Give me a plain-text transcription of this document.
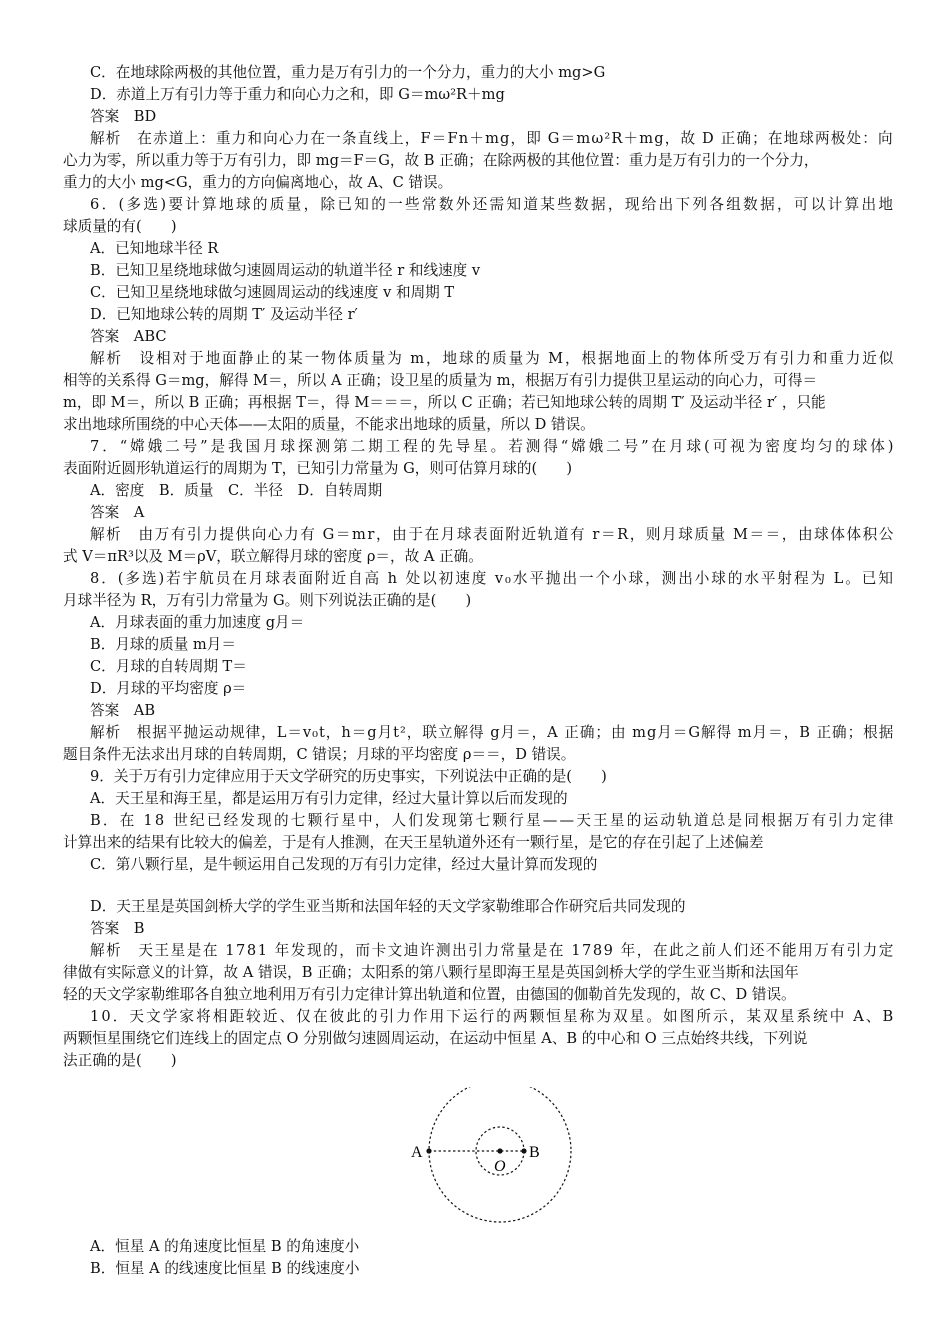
C．在地球除两极的其他位置，重力是万有引力的一个分力，重力的大小 mg>G
D．赤道上万有引力等于重力和向心力之和，即 G＝mω²R＋mg
答案　BD
解析　在赤道上：重力和向心力在一条直线上，F＝Fn＋mg，即 G＝mω²R＋mg，故 D 正确；在地球两极处：向
心力为零，所以重力等于万有引力，即 mg＝F＝G，故 B 正确；在除两极的其他位置：重力是万有引力的一个分力，
重力的大小 mg<G，重力的方向偏离地心，故 A、C 错误。
6．(多选)要计算地球的质量，除已知的一些常数外还需知道某些数据，现给出下列各组数据，可以计算出地
球质量的有(　　)
A．已知地球半径 R
B．已知卫星绕地球做匀速圆周运动的轨道半径 r 和线速度 v
C．已知卫星绕地球做匀速圆周运动的线速度 v 和周期 T
D．已知地球公转的周期 T′ 及运动半径 r′
答案　ABC
解析　设相对于地面静止的某一物体质量为 m，地球的质量为 M，根据地面上的物体所受万有引力和重力近似
相等的关系得 G＝mg，解得 M＝，所以 A 正确；设卫星的质量为 m，根据万有引力提供卫星运动的向心力，可得＝
m，即 M＝，所以 B 正确；再根据 T＝，得 M＝＝＝，所以 C 正确；若已知地球公转的周期 T′ 及运动半径 r′ ，只能
求出地球所围绕的中心天体——太阳的质量，不能求出地球的质量，所以 D 错误。
7．“嫦娥二号”是我国月球探测第二期工程的先导星。若测得“嫦娥二号”在月球(可视为密度均匀的球体)
表面附近圆形轨道运行的周期为 T，已知引力常量为 G，则可估算月球的(　　)
A．密度　B．质量　C．半径　D．自转周期
答案　A
解析　由万有引力提供向心力有 G＝mr，由于在月球表面附近轨道有 r＝R，则月球质量 M＝＝，由球体体积公
式 V＝πR³以及 M＝ρV，联立解得月球的密度 ρ＝，故 A 正确。
8．(多选)若宇航员在月球表面附近自高 h 处以初速度 v₀水平抛出一个小球，测出小球的水平射程为 L。已知
月球半径为 R，万有引力常量为 G。则下列说法正确的是(　　)
A．月球表面的重力加速度 g月＝
B．月球的质量 m月＝
C．月球的自转周期 T＝
D．月球的平均密度 ρ＝
答案　AB
解析　根据平抛运动规律，L＝v₀t，h＝g月t²，联立解得 g月＝，A 正确；由 mg月＝G解得 m月＝，B 正确；根据
题目条件无法求出月球的自转周期，C 错误；月球的平均密度 ρ＝＝，D 错误。
9．关于万有引力定律应用于天文学研究的历史事实，下列说法中正确的是(　　)
A．天王星和海王星，都是运用万有引力定律，经过大量计算以后而发现的
B．在 18 世纪已经发现的七颗行星中，人们发现第七颗行星——天王星的运动轨道总是同根据万有引力定律
计算出来的结果有比较大的偏差，于是有人推测，在天王星轨道外还有一颗行星，是它的存在引起了上述偏差
C．第八颗行星，是牛顿运用自己发现的万有引力定律，经过大量计算而发现的
D．天王星是英国剑桥大学的学生亚当斯和法国年轻的天文学家勒维耶合作研究后共同发现的
答案　B
解析　天王星是在 1781 年发现的，而卡文迪许测出引力常量是在 1789 年，在此之前人们还不能用万有引力定
律做有实际意义的计算，故 A 错误，B 正确；太阳系的第八颗行星即海王星是英国剑桥大学的学生亚当斯和法国年
轻的天文学家勒维耶各自独立地利用万有引力定律计算出轨道和位置，由德国的伽勒首先发现的，故 C、D 错误。
10．天文学家将相距较近、仅在彼此的引力作用下运行的两颗恒星称为双星。如图所示，某双星系统中 A、B
两颗恒星围绕它们连线上的固定点 O 分别做匀速圆周运动，在运动中恒星 A、B 的中心和 O 三点始终共线，下列说
法正确的是(　　)
A．恒星 A 的角速度比恒星 B 的角速度小
B．恒星 A 的线速度比恒星 B 的线速度小
A	B
O
